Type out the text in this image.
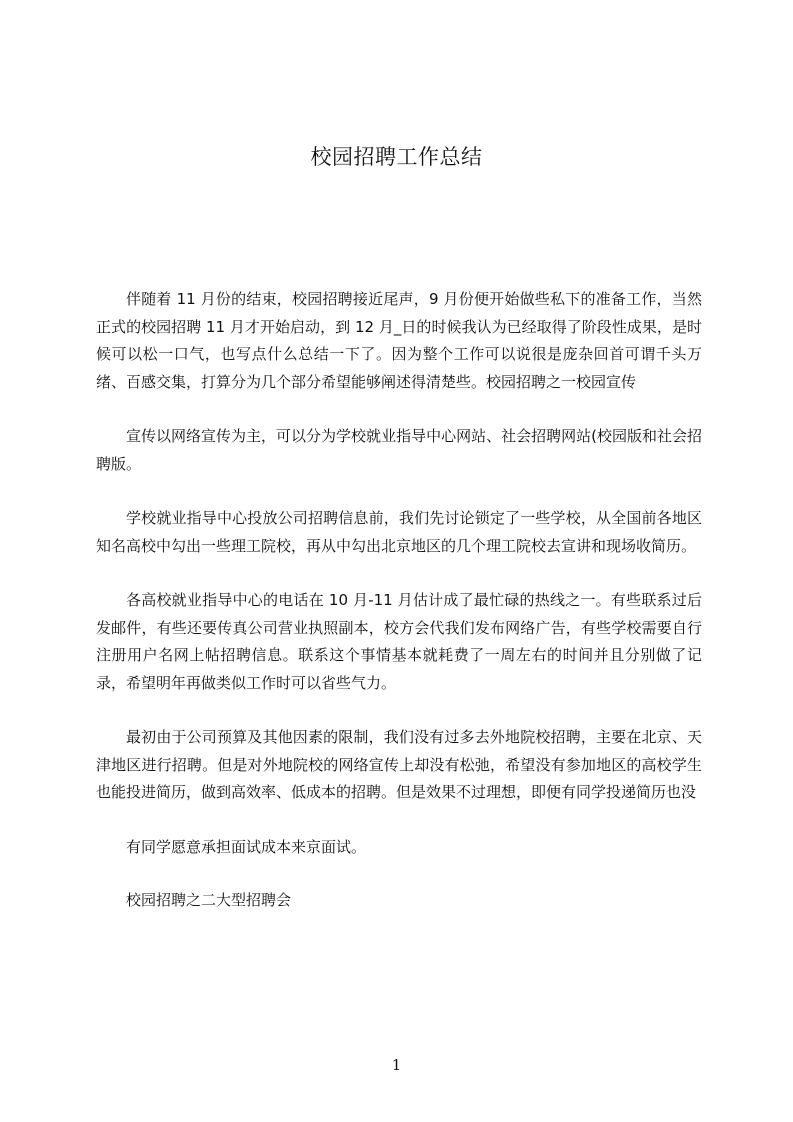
校园招聘工作总结

伴随着 11 月份的结束，校园招聘接近尾声，9 月份便开始做些私下的准备工作，当然正式的校园招聘 11 月才开始启动，到 12 月_日的时候我认为已经取得了阶段性成果，是时候可以松一口气，也写点什么总结一下了。因为整个工作可以说很是庞杂回首可谓千头万绪、百感交集，打算分为几个部分希望能够阐述得清楚些。校园招聘之一校园宣传

宣传以网络宣传为主，可以分为学校就业指导中心网站、社会招聘网站(校园版和社会招聘版。

学校就业指导中心投放公司招聘信息前，我们先讨论锁定了一些学校，从全国前各地区知名高校中勾出一些理工院校，再从中勾出北京地区的几个理工院校去宣讲和现场收简历。

各高校就业指导中心的电话在 10 月-11 月估计成了最忙碌的热线之一。有些联系过后发邮件，有些还要传真公司营业执照副本，校方会代我们发布网络广告，有些学校需要自行注册用户名网上帖招聘信息。联系这个事情基本就耗费了一周左右的时间并且分别做了记录，希望明年再做类似工作时可以省些气力。

最初由于公司预算及其他因素的限制，我们没有过多去外地院校招聘，主要在北京、天津地区进行招聘。但是对外地院校的网络宣传上却没有松弛，希望没有参加地区的高校学生也能投进简历，做到高效率、低成本的招聘。但是效果不过理想，即便有同学投递简历也没

有同学愿意承担面试成本来京面试。

校园招聘之二大型招聘会

1
